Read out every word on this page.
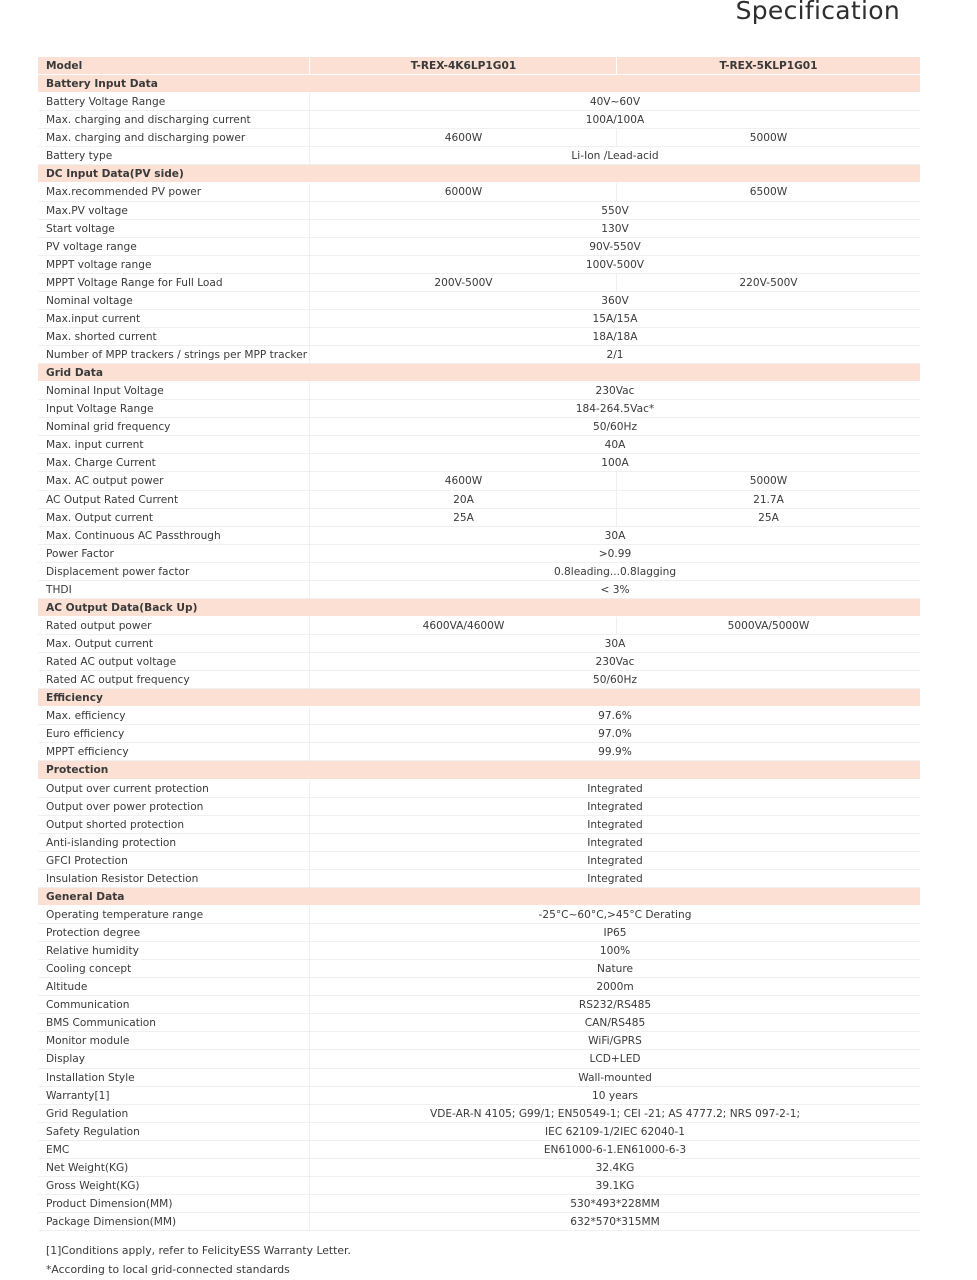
Specification
Model	T-REX-4K6LP1G01	T-REX-5KLP1G01
Battery Input Data
Battery Voltage Range	40V~60V
Max. charging and discharging current	100A/100A
Max. charging and discharging power	4600W	5000W
Battery type	Li-Ion /Lead-acid
DC Input Data(PV side)
Max.recommended PV power	6000W	6500W
Max.PV voltage	550V
Start voltage	130V
PV voltage range	90V-550V
MPPT voltage range	100V-500V
MPPT Voltage Range for Full Load	200V-500V	220V-500V
Nominal voltage	360V
Max.input current	15A/15A
Max. shorted current	18A/18A
Number of MPP trackers / strings per MPP tracker	2/1
Grid Data
Nominal Input Voltage	230Vac
Input Voltage Range	184-264.5Vac*
Nominal grid frequency	50/60Hz
Max. input current	40A
Max. Charge Current	100A
Max. AC output power	4600W	5000W
AC Output Rated Current	20A	21.7A
Max. Output current	25A	25A
Max. Continuous AC Passthrough	30A
Power Factor	>0.99
Displacement power factor	0.8leading...0.8lagging
THDI	< 3%
AC Output Data(Back Up)
Rated output power	4600VA/4600W	5000VA/5000W
Max. Output current	30A
Rated AC output voltage	230Vac
Rated AC output frequency	50/60Hz
Efficiency
Max. efficiency	97.6%
Euro efficiency	97.0%
MPPT efficiency	99.9%
Protection
Output over current protection	Integrated
Output over power protection	Integrated
Output shorted protection	Integrated
Anti-islanding protection	Integrated
GFCI Protection	Integrated
Insulation Resistor Detection	Integrated
General Data
Operating temperature range	-25°C~60°C,>45°C Derating
Protection degree	IP65
Relative humidity	100%
Cooling concept	Nature
Altitude	2000m
Communication	RS232/RS485
BMS Communication	CAN/RS485
Monitor module	WiFi/GPRS
Display	LCD+LED
Installation Style	Wall-mounted
Warranty[1]	10 years
Grid Regulation	VDE-AR-N 4105; G99/1; EN50549-1; CEI -21; AS 4777.2; NRS 097-2-1;
Safety Regulation	IEC 62109-1/2IEC 62040-1
EMC	EN61000-6-1.EN61000-6-3
Net Weight(KG)	32.4KG
Gross Weight(KG)	39.1KG
Product Dimension(MM)	530*493*228MM
Package Dimension(MM)	632*570*315MM
[1]Conditions apply, refer to FelicityESS Warranty Letter.
*According to local grid-connected standards
